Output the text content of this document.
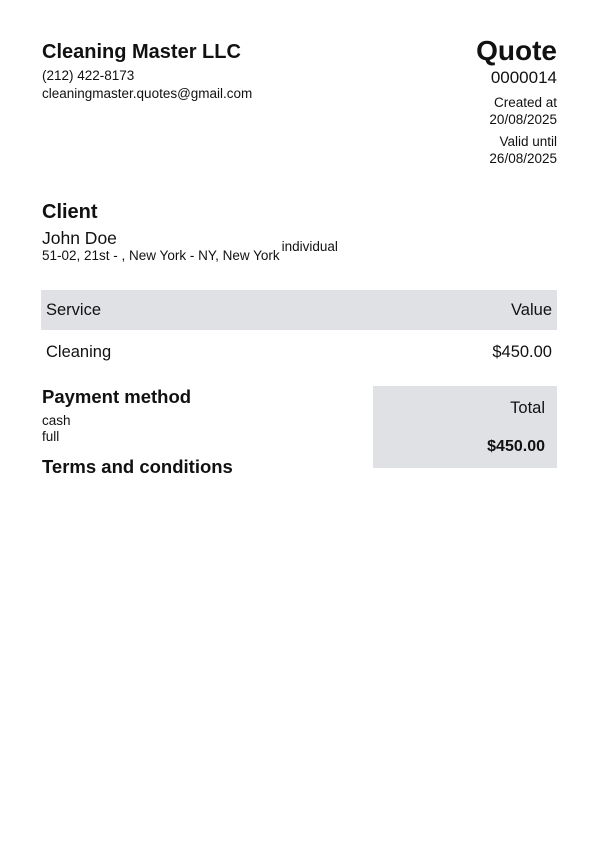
Cleaning Master LLC
(212) 422-8173
cleaningmaster.quotes@gmail.com
Quote
0000014
Created at
20/08/2025
Valid until
26/08/2025
Client
John Doe
51-02, 21st - , New York - NY, New Yorkindividual
Service	Value
Cleaning	$450.00
Payment method
cash
full
Terms and conditions
Total
$450.00
